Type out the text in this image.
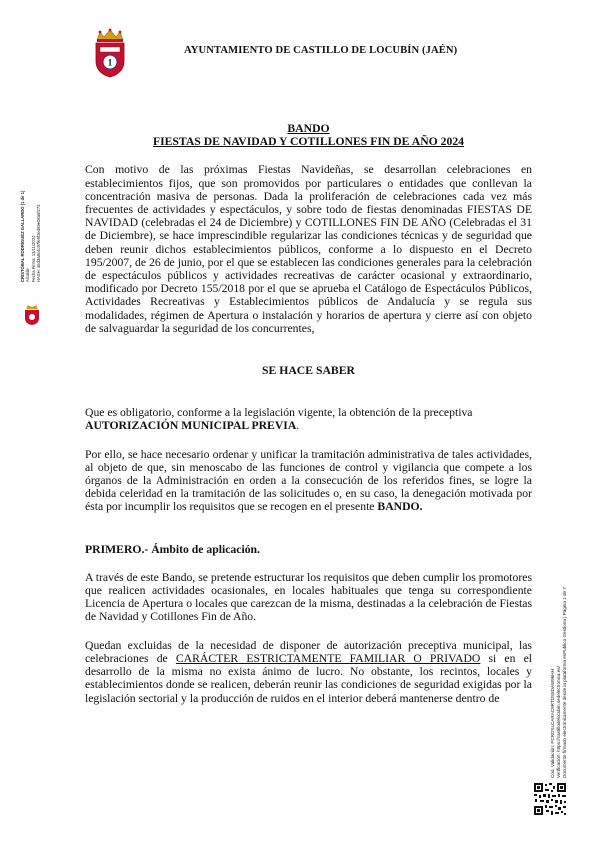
1
AYUNTAMIENTO DE CASTILLO DE LOCUBÍN (JAÉN)
CRISTÓBAL RODRÍGUEZ GALLARDO (1 de 1) Alcalde Fecha Firma: 13/11/2024 HASH: a5d3a8c4c97fe6f2ed69e08a6f274
Cód. Validación: PCRDSLCARAC9RTDS8DAW96HH Verificación: https://castillodelocubin.sedelectronica.es/ Documento firmado electrónicamente desde la plataforma esPublico Gestiona | Página 1 de 7

BANDO

FIESTAS DE NAVIDAD Y COTILLONES FIN DE AÑO 2024

Con motivo de las próximas Fiestas Navideñas, se desarrollan celebraciones en establecimientos fijos, que son promovidos por particulares o entidades que conllevan la concentración masiva de personas. Dada la proliferación de celebraciones cada vez más frecuentes de actividades y espectáculos, y sobre todo de fiestas denominadas FIESTAS DE NAVIDAD (celebradas el 24 de Diciembre) y COTILLONES FIN DE AÑO (Celebradas el 31 de Diciembre), se hace imprescindible regularizar las condiciones técnicas y de seguridad que deben reunir dichos establecimientos públicos, conforme a lo dispuesto en el Decreto 195/2007, de 26 de junio, por el que se establecen las condiciones generales para la celebración de espectáculos públicos y actividades recreativas de carácter ocasional y extraordinario, modificado por Decreto 155/2018 por el que se aprueba el Catálogo de Espectáculos Públicos, Actividades Recreativas y Establecimientos públicos de Andalucía y se regula sus modalidades, régimen de Apertura o instalación y horarios de apertura y cierre así con objeto de salvaguardar la seguridad de los concurrentes,

SE HACE SABER

Que es obligatorio, conforme a la legislación vigente, la obtención de la preceptiva AUTORIZACIÓN MUNICIPAL PREVIA.

Por ello, se hace necesario ordenar y unificar la tramitación administrativa de tales actividades, al objeto de que, sin menoscabo de las funciones de control y vigilancia que compete a los órganos de la Administración en orden a la consecución de los referidos fines, se logre la debida celeridad en la tramitación de las solicitudes o, en su caso, la denegación motivada por ésta por incumplir los requisitos que se recogen en el presente BANDO.

PRIMERO.- Ámbito de aplicación.

A través de este Bando, se pretende estructurar los requisitos que deben cumplir los promotores que realicen actividades ocasionales, en locales habituales que tenga su correspondiente Licencia de Apertura o locales que carezcan de la misma, destinadas a la celebración de Fiestas de Navidad y Cotillones Fin de Año.

Quedan excluidas de la necesidad de disponer de autorización preceptiva municipal, las celebraciones de CARÁCTER ESTRICTAMENTE FAMILIAR O PRIVADO si en el desarrollo de la misma no exista ánimo de lucro. No obstante, los recintos, locales y establecimientos donde se realicen, deberán reunir las condiciones de seguridad exigidas por la legislación sectorial y la producción de ruidos en el interior deberá mantenerse dentro de
